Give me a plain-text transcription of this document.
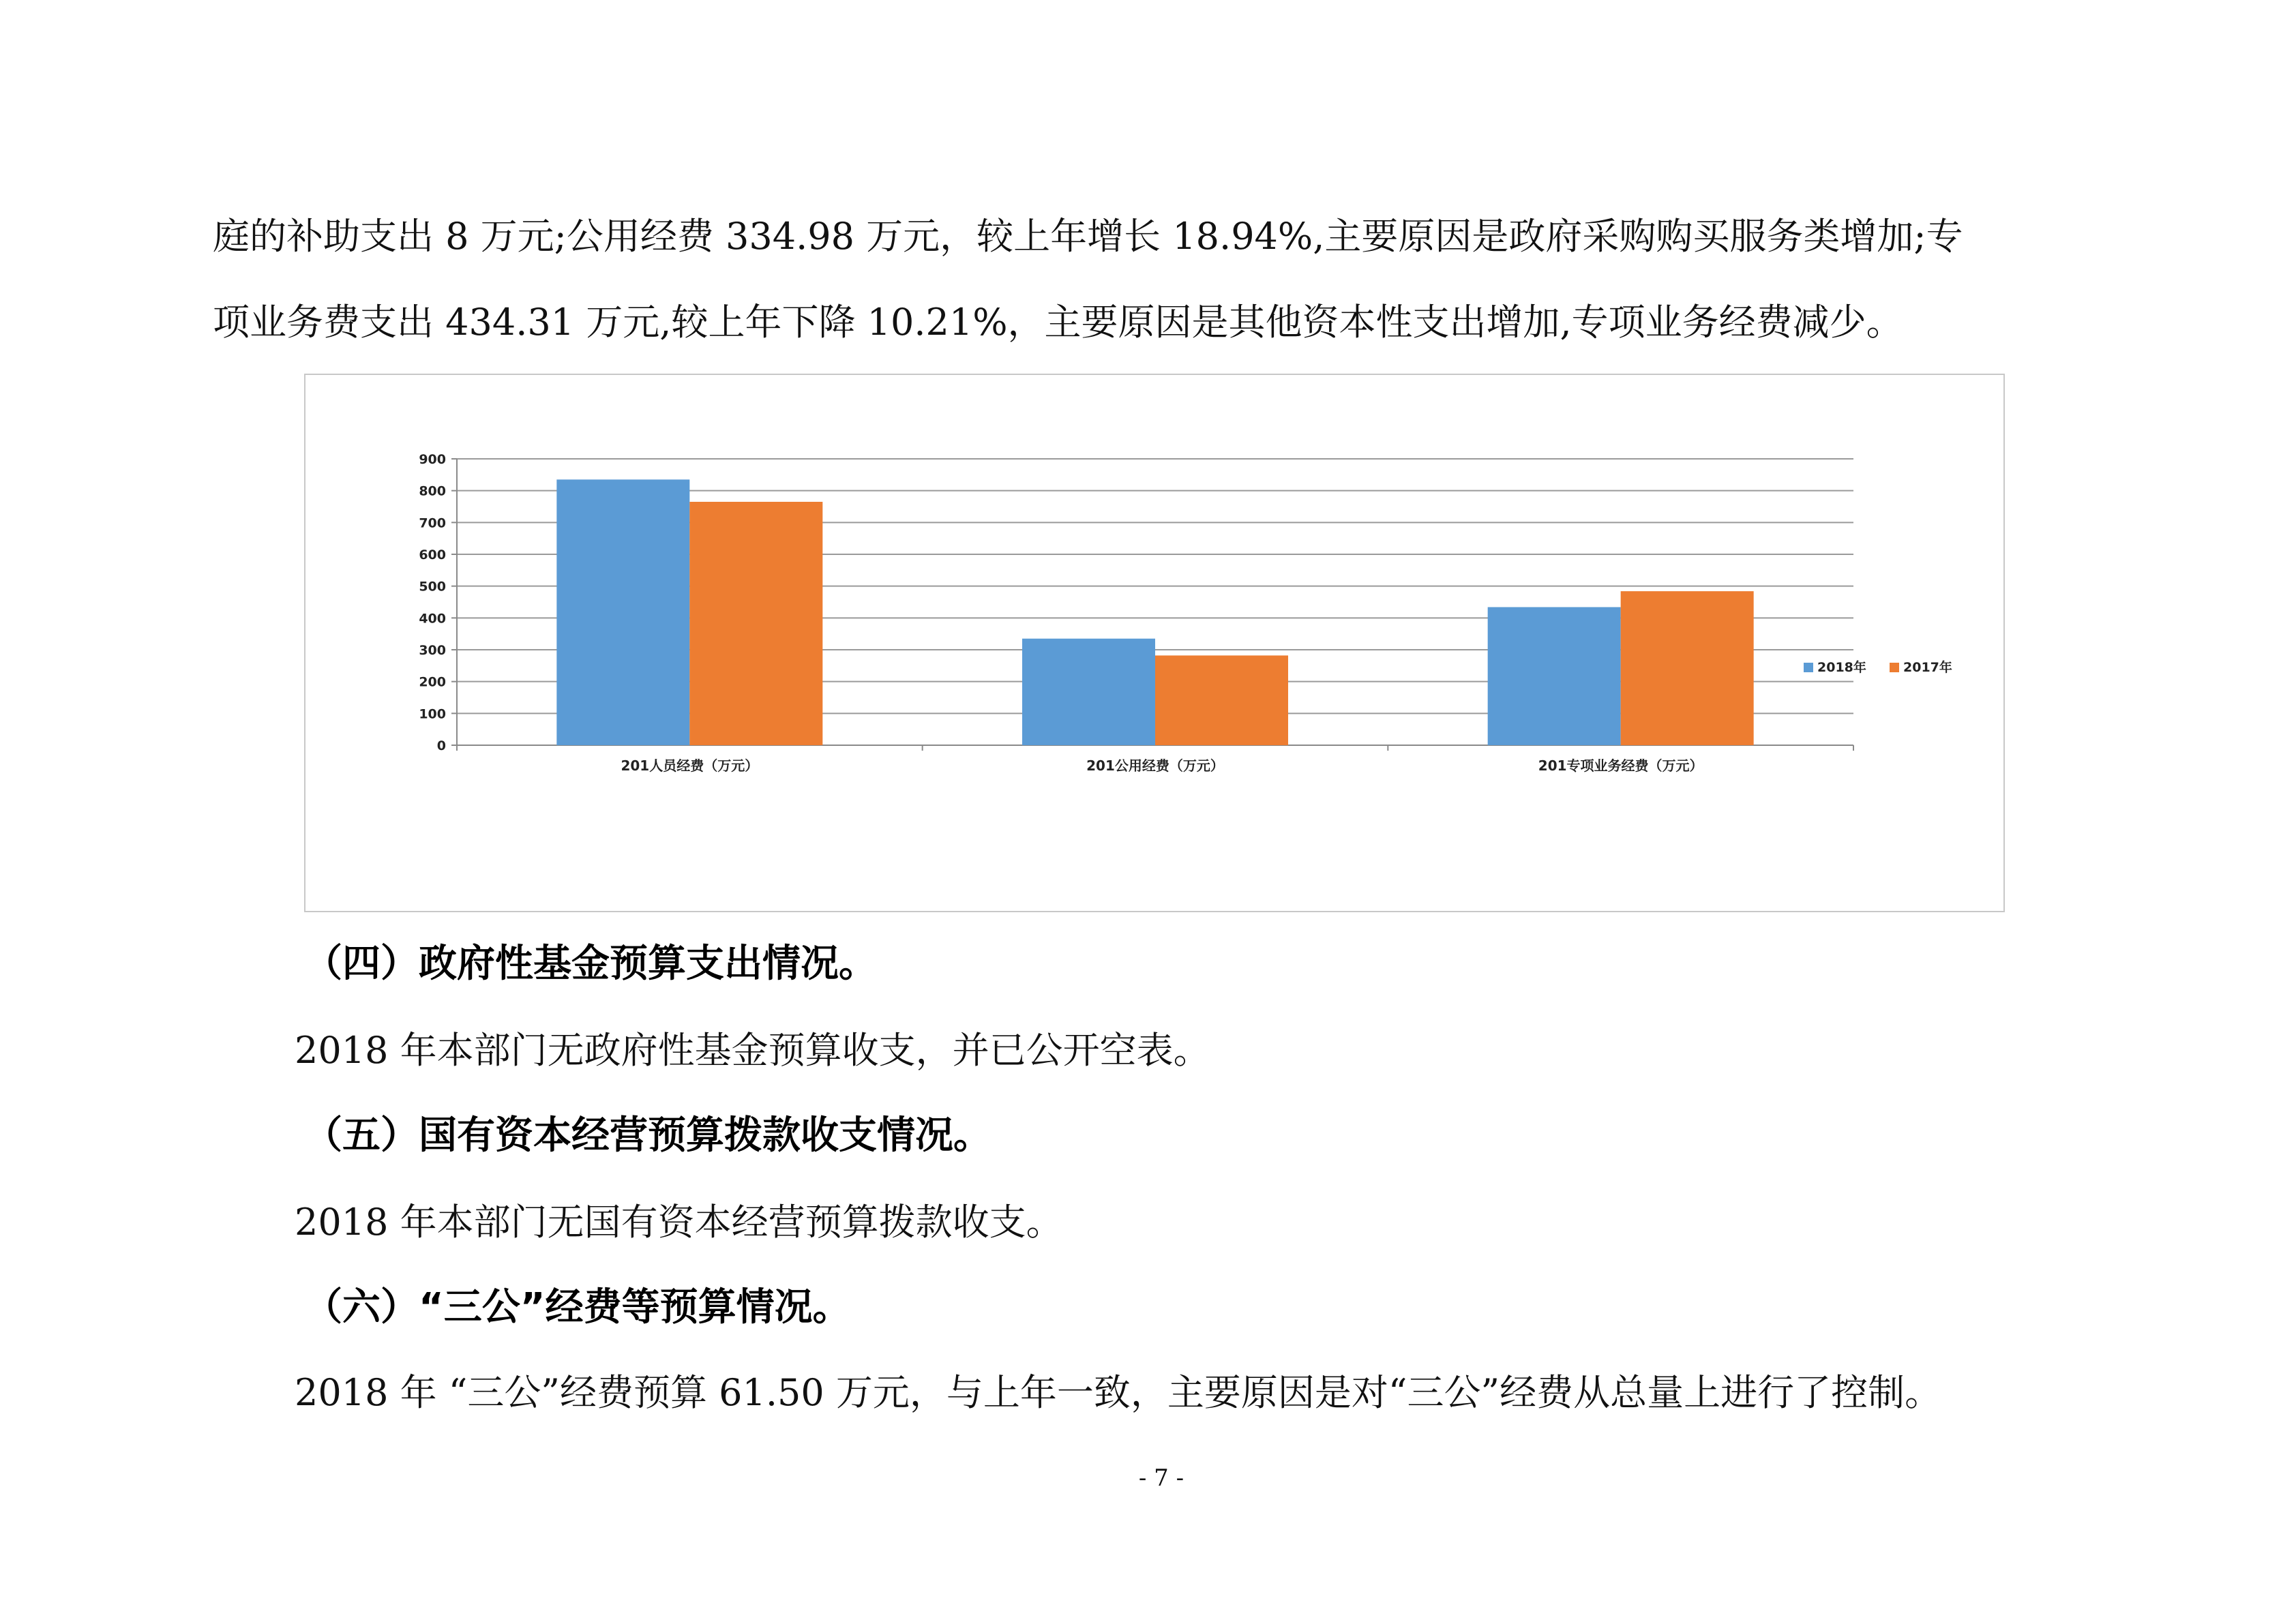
庭的补助支出 8 万元;公用经费 334.98 万元，较上年增长 18.94%,主要原因是政府采购购买服务类增加;专
项业务费支出 434.31 万元,较上年下降 10.21%，主要原因是其他资本性支出增加,专项业务经费减少。
0
100
200
300
400
500
600
700
800
900
201人员经费（万元）	201公用经费（万元）	201专项业务经费（万元）
2018年	2017年
（四）政府性基金预算支出情况。
2018 年本部门无政府性基金预算收支，并已公开空表。
（五）国有资本经营预算拨款收支情况。
2018 年本部门无国有资本经营预算拨款收支。
（六）“三公”经费等预算情况。
2018 年 “三公”经费预算 61.50 万元，与上年一致，主要原因是对“三公”经费从总量上进行了控制。
- 7 -
